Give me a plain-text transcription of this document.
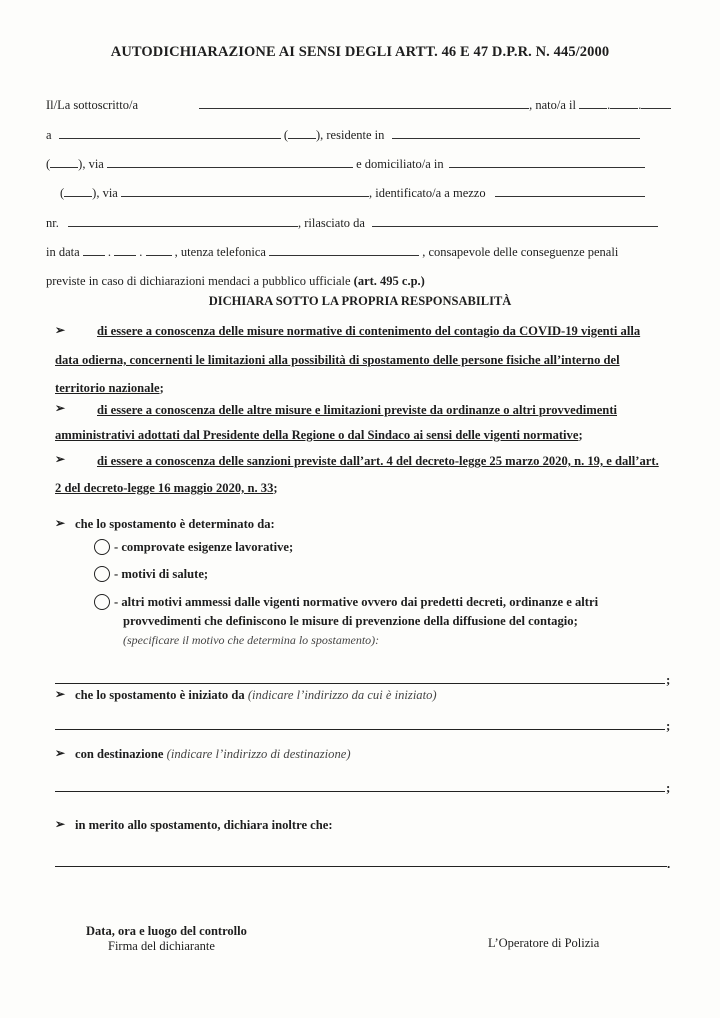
AUTODICHIARAZIONE AI SENSI DEGLI ARTT. 46 E 47 D.P.R. N. 445/2000
Il/La sottoscritto/a	, nato/a il . .
a	( ), residente in
( ), via	e domiciliato/a in
( ), via	, identificato/a a mezzo
nr.	, rilasciato da
in data . .	, utenza telefonica	, consapevole delle conseguenze penali
previste in caso di dichiarazioni mendaci a pubblico ufficiale (art. 495 c.p.)
DICHIARA SOTTO LA PROPRIA RESPONSABILITÀ
➢	di essere a conoscenza delle misure normative di contenimento del contagio da COVID-19 vigenti alla
data odierna, concernenti le limitazioni alla possibilità di spostamento delle persone fisiche all’interno del
territorio nazionale;
➢	di essere a conoscenza delle altre misure e limitazioni previste da ordinanze o altri provvedimenti
amministrativi adottati dal Presidente della Regione o dal Sindaco ai sensi delle vigenti normative;
➢	di essere a conoscenza delle sanzioni previste dall’art. 4 del decreto-legge 25 marzo 2020, n. 19, e dall’art.
2 del decreto-legge 16 maggio 2020, n. 33;
➢ che lo spostamento è determinato da:
- comprovate esigenze lavorative;
- motivi di salute;
- altri motivi ammessi dalle vigenti normative ovvero dai predetti decreti, ordinanze e altri
provvedimenti che definiscono le misure di prevenzione della diffusione del contagio;
(specificare il motivo che determina lo spostamento):
;
➢ che lo spostamento è iniziato da (indicare l’indirizzo da cui è iniziato)
;
➢ con destinazione (indicare l’indirizzo di destinazione)
;
➢ in merito allo spostamento, dichiara inoltre che:
.
Data, ora e luogo del controllo
Firma del dichiarante	L’Operatore di Polizia
